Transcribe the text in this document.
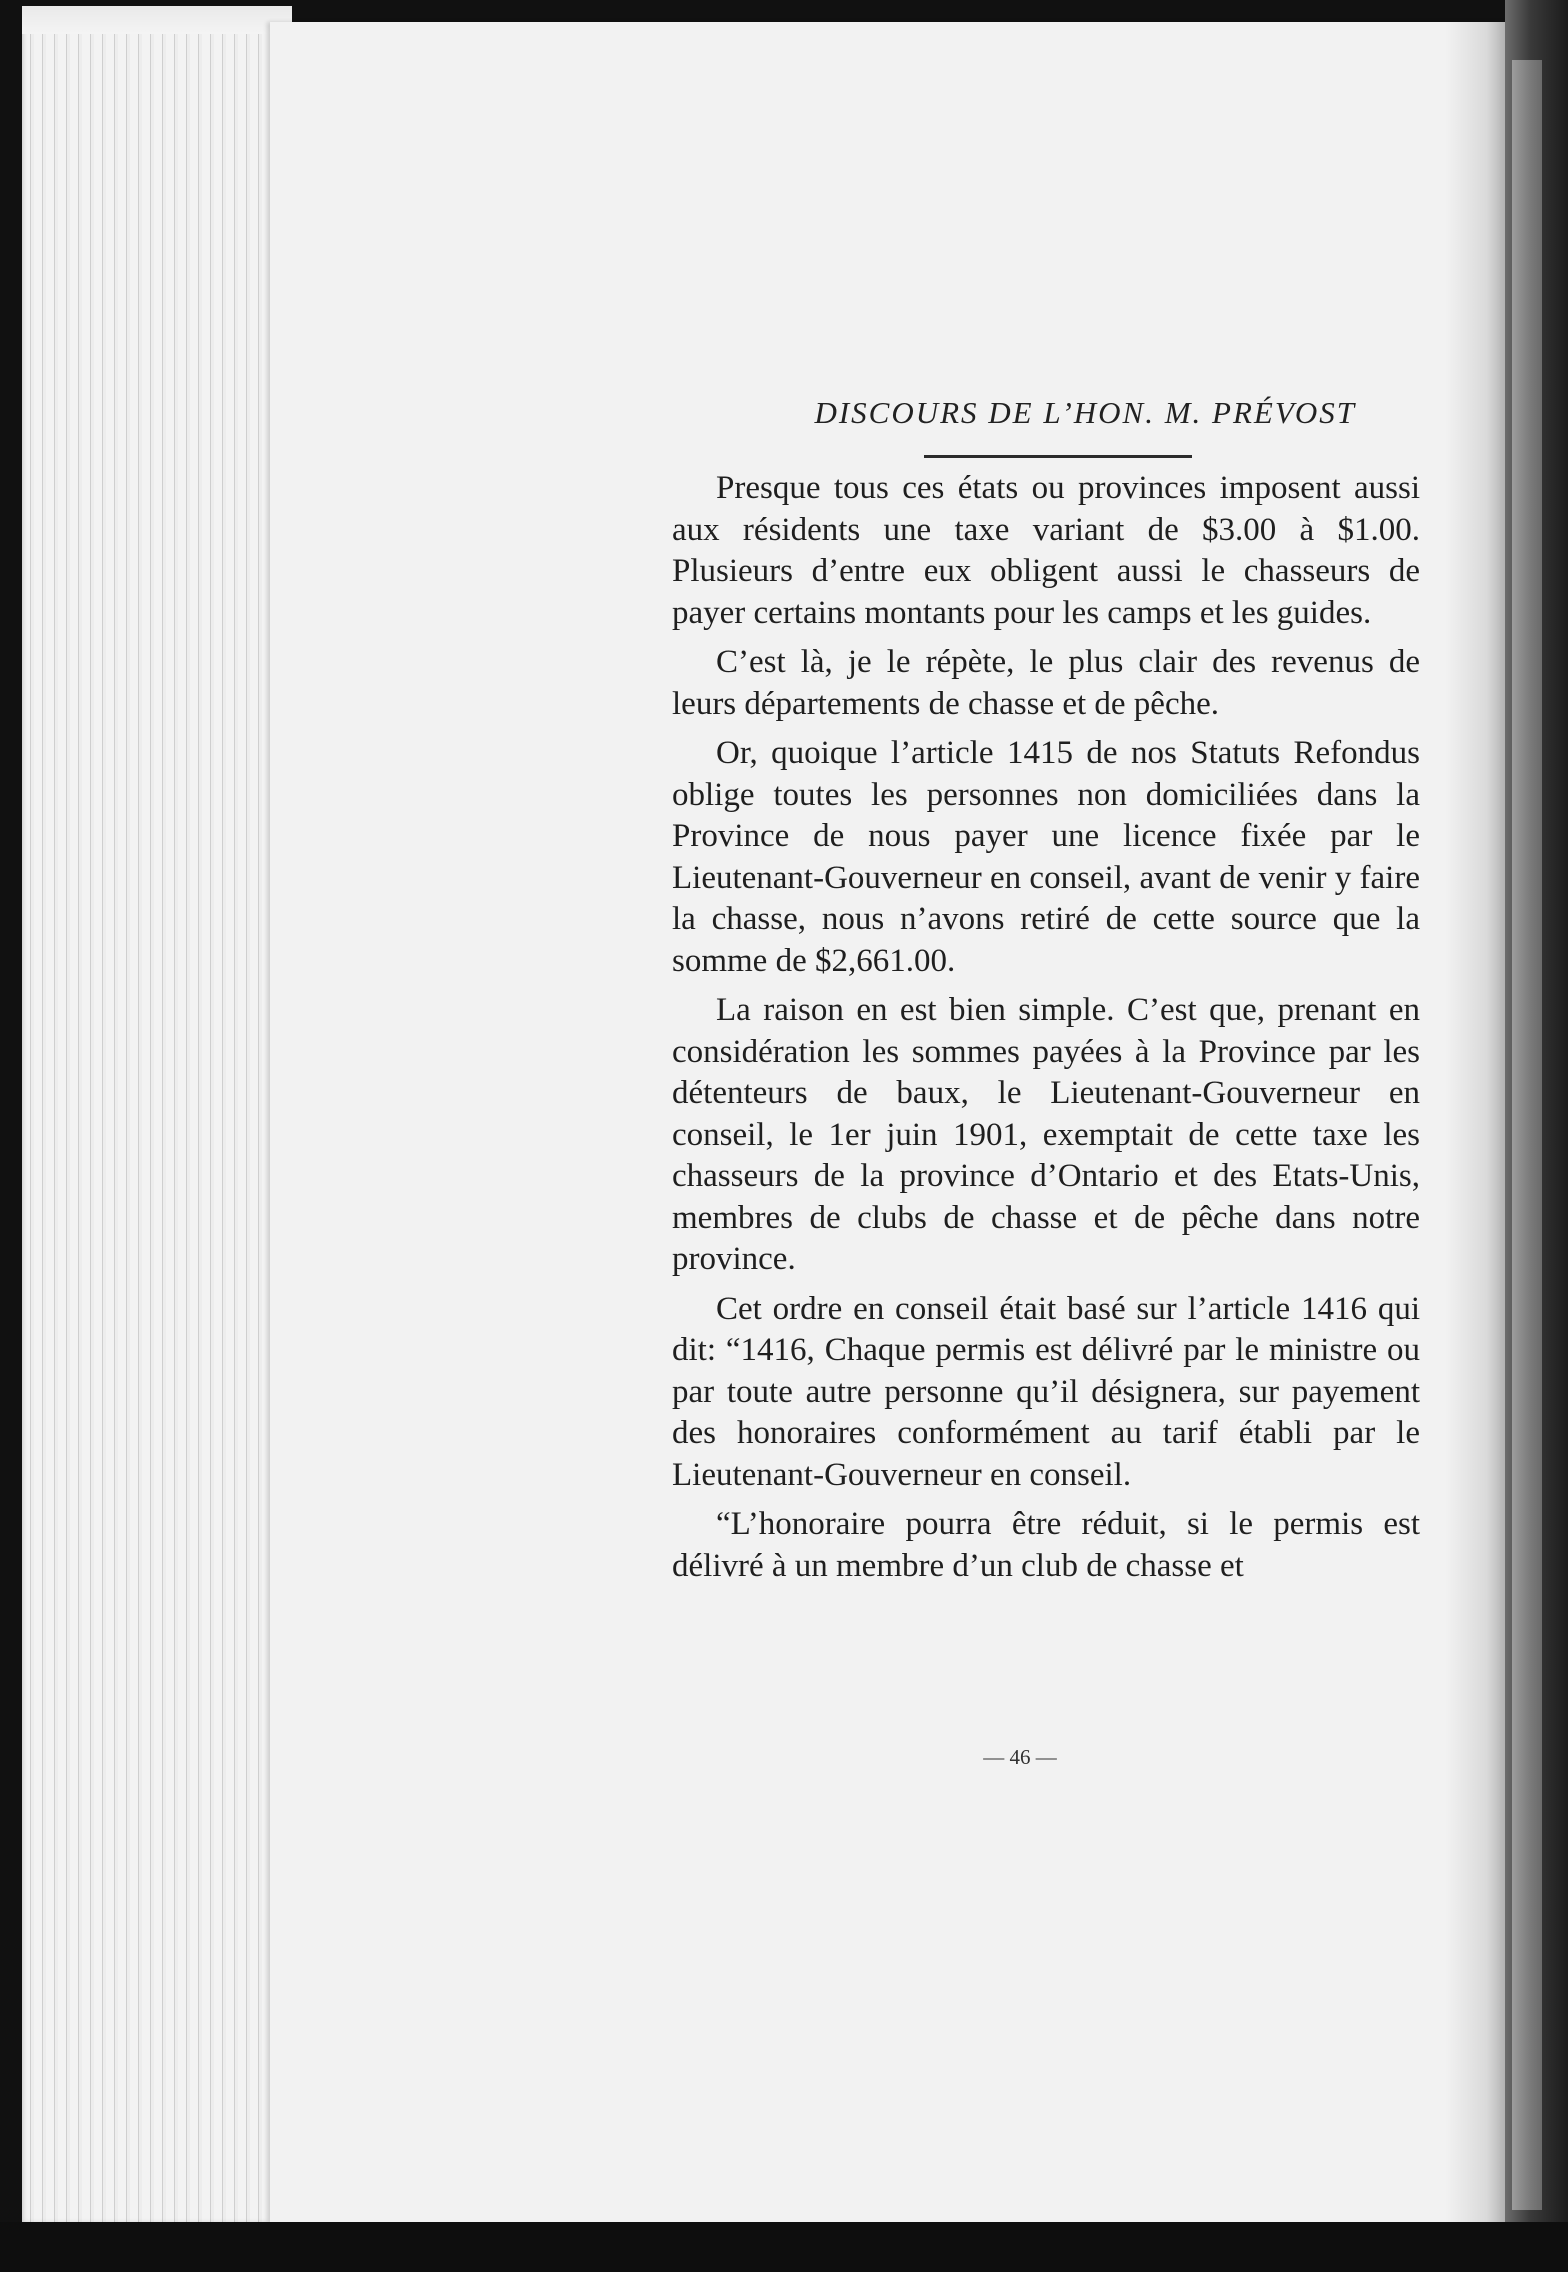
DISCOURS DE L’HON. M. PRÉVOST

Presque tous ces états ou provinces imposent aussi aux résidents une taxe variant de $3.00 à $1.00. Plusieurs d’entre eux obligent aussi le chasseurs de payer certains montants pour les camps et les guides.

C’est là, je le répète, le plus clair des revenus de leurs départements de chasse et de pêche.

Or, quoique l’article 1415 de nos Statuts Refondus oblige toutes les personnes non domiciliées dans la Province de nous payer une licence fixée par le Lieutenant-Gouverneur en conseil, avant de venir y faire la chasse, nous n’avons retiré de cette source que la somme de $2,661.00.

La raison en est bien simple. C’est que, prenant en considération les sommes payées à la Province par les détenteurs de baux, le Lieutenant-Gouverneur en conseil, le 1er juin 1901, exemptait de cette taxe les chasseurs de la province d’Ontario et des Etats-Unis, membres de clubs de chasse et de pêche dans notre province.

Cet ordre en conseil était basé sur l’article 1416 qui dit: “1416, Chaque permis est délivré par le ministre ou par toute autre personne qu’il désignera, sur payement des honoraires conformément au tarif établi par le Lieutenant-Gouverneur en conseil.

“L’honoraire pourra être réduit, si le permis est délivré à un membre d’un club de chasse et

— 46 —
